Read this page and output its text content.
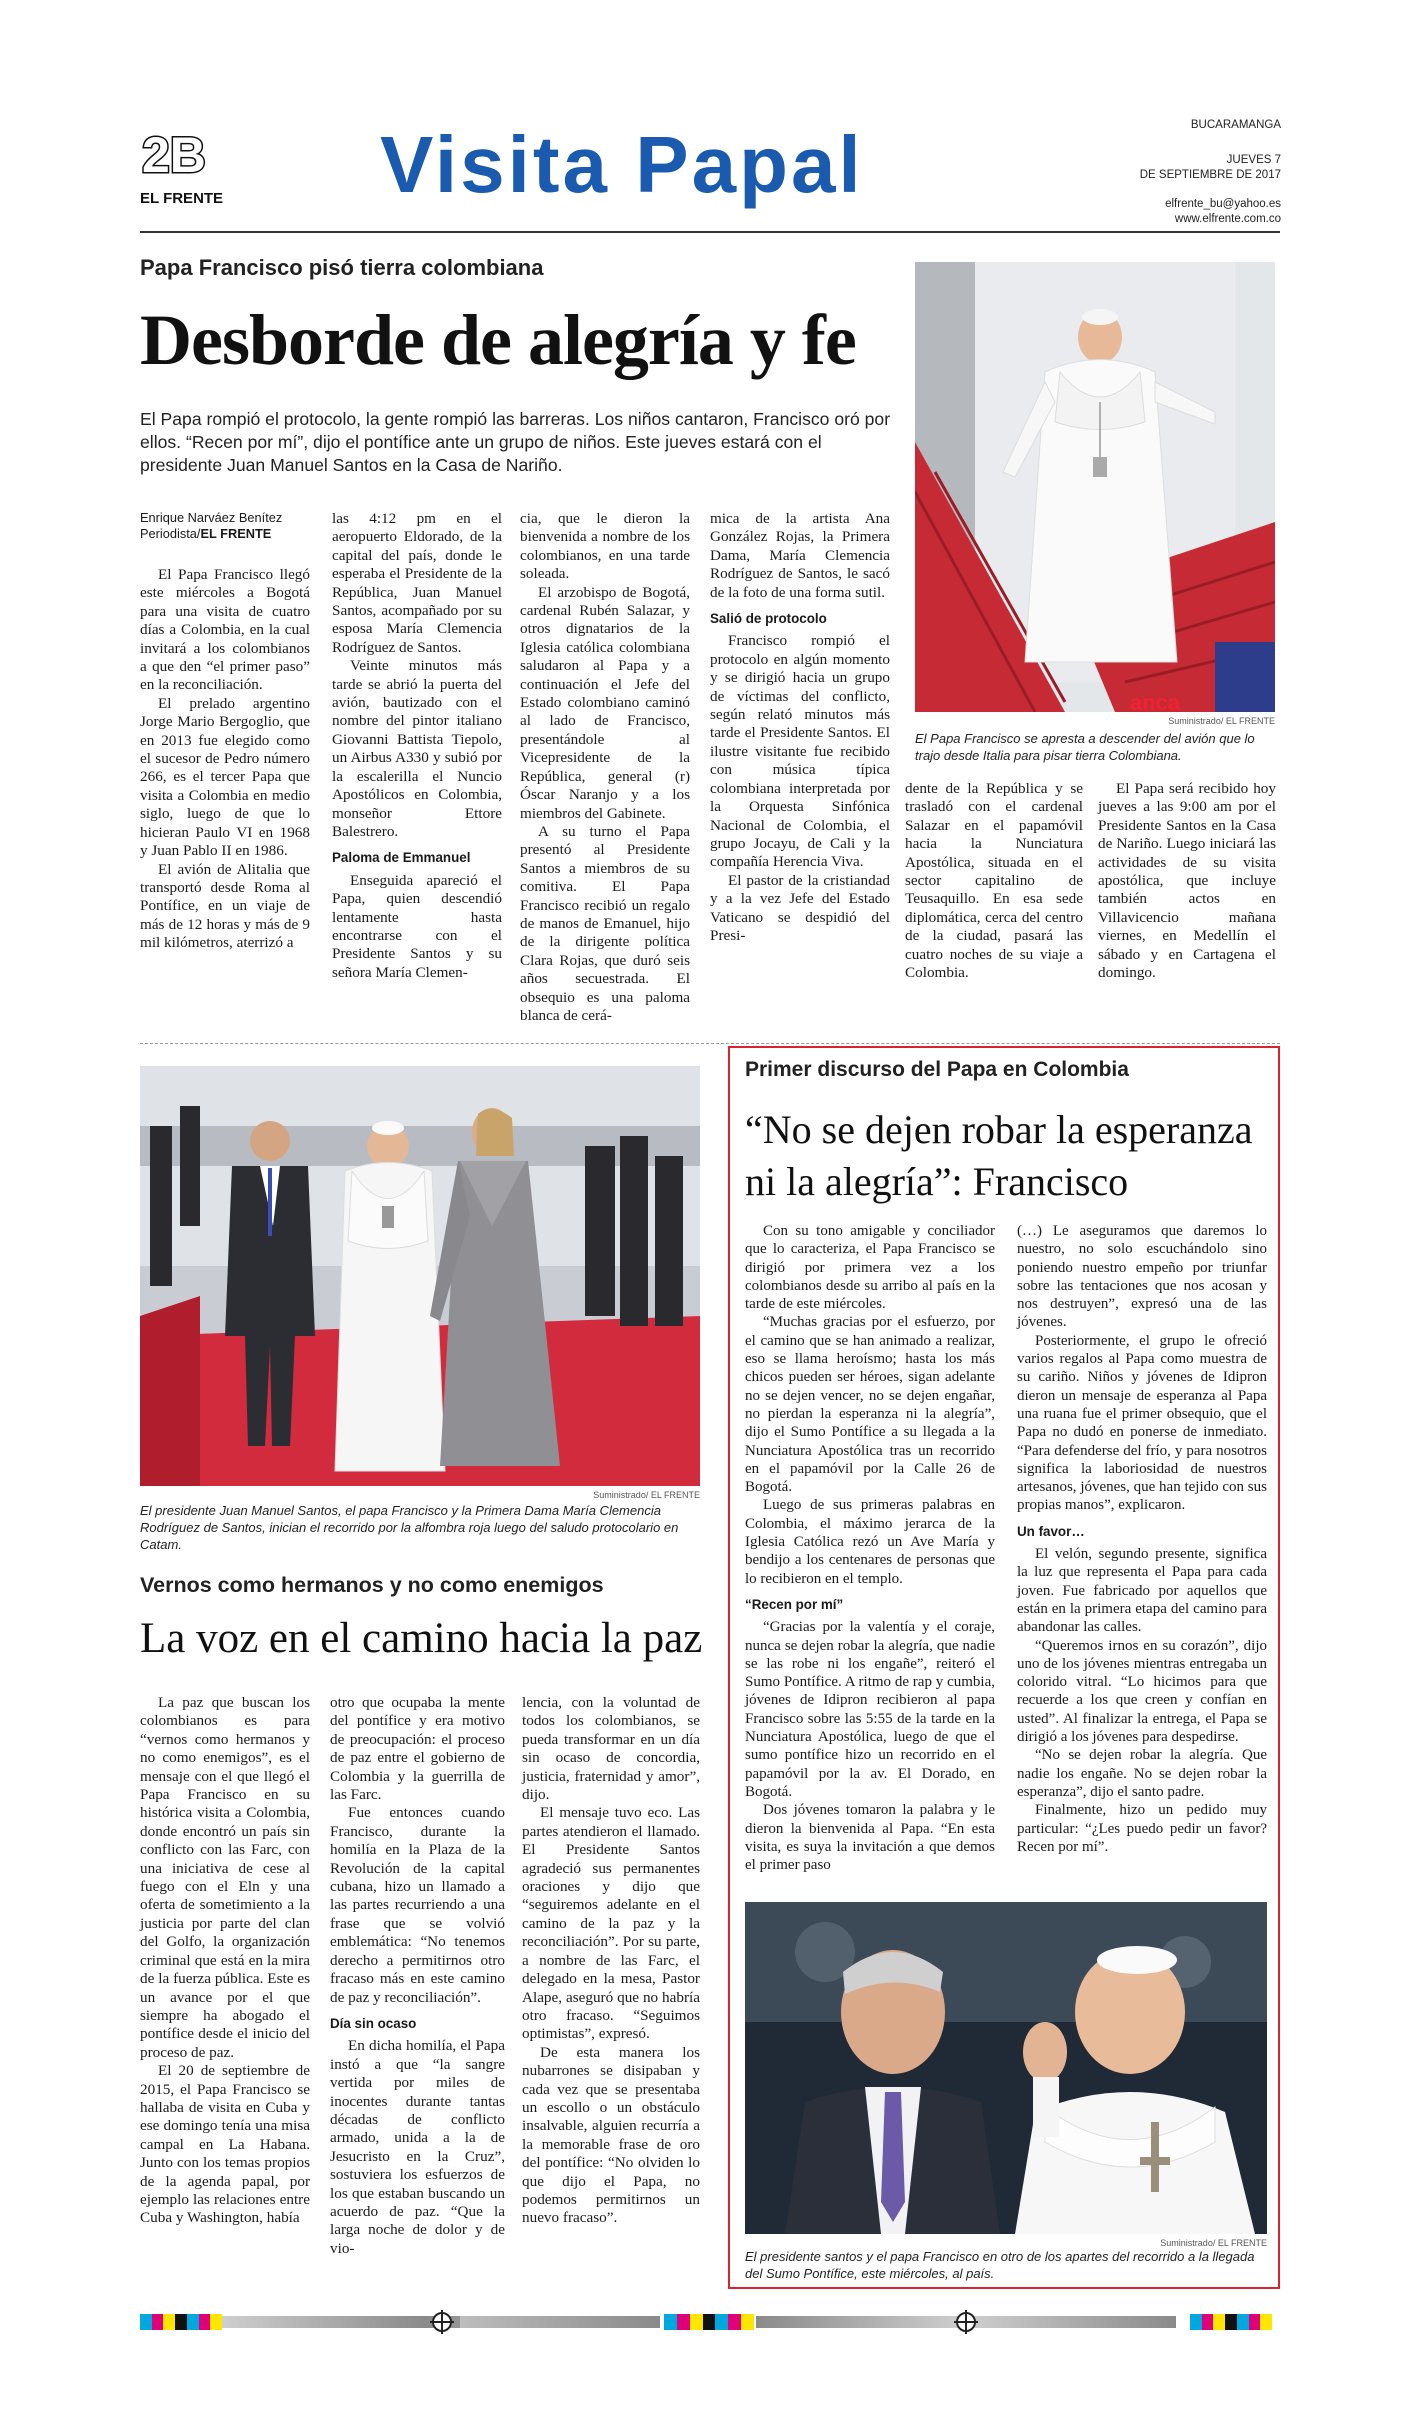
2B
EL FRENTE Visita Papal	BUCARAMANGA
JUEVES 7
DE SEPTIEMBRE DE 2017
elfrente_bu@yahoo.es
www.elfrente.com.co
Papa Francisco pisó tierra colombiana
Desborde de alegría y fe
El Papa rompió el protocolo, la gente rompió las barreras. Los niños cantaron, Francisco oró por ellos. “Recen por mí”, dijo el pontífice ante un grupo de niños. Este jueves estará con el presidente Juan Manuel Santos en la Casa de Nariño.
anca
Suministrado/ EL FRENTE
El Papa Francisco se apresta a descender del avión que lo trajo desde Italia para pisar tierra Colombiana.
Enrique Narváez Benítez
Periodista/EL FRENTE

El Papa Francisco llegó este miércoles a Bogotá para una visita de cuatro días a Colombia, en la cual invitará a los colombianos a que den “el primer paso” en la reconciliación.

El prelado argentino Jorge Mario Bergoglio, que en 2013 fue elegido como el sucesor de Pedro número 266, es el tercer Papa que visita a Colombia en medio siglo, luego de que lo hicieran Paulo VI en 1968 y Juan Pablo II en 1986.

El avión de Alitalia que transportó desde Roma al Pontífice, en un viaje de más de 12 horas y más de 9 mil kilómetros, aterrizó a

las 4:12 pm en el aeropuerto Eldorado, de la capital del país, donde le esperaba el Presidente de la República, Juan Manuel Santos, acompañado por su esposa María Clemencia Rodríguez de Santos.

Veinte minutos más tarde se abrió la puerta del avión, bautizado con el nombre del pintor italiano Giovanni Battista Tiepolo, un Airbus A330 y subió por la escalerilla el Nuncio Apostólicos en Colombia, monseñor Ettore Balestrero.

Paloma de Emmanuel

Enseguida apareció el Papa, quien descendió lentamente hasta encontrarse con el Presidente Santos y su señora María Clemen-

cia, que le dieron la bienvenida a nombre de los colombianos, en una tarde soleada.

El arzobispo de Bogotá, cardenal Rubén Salazar, y otros dignatarios de la Iglesia católica colombiana saludaron al Papa y a continuación el Jefe del Estado colombiano caminó al lado de Francisco, presentándole al Vicepresidente de la República, general (r) Óscar Naranjo y a los miembros del Gabinete.

A su turno el Papa presentó al Presidente Santos a miembros de su comitiva. El Papa Francisco recibió un regalo de manos de Emanuel, hijo de la dirigente política Clara Rojas, que duró seis años secuestrada. El obsequio es una paloma blanca de cerá-

mica de la artista Ana González Rojas, la Primera Dama, María Clemencia Rodríguez de Santos, le sacó de la foto de una forma sutil.

Salió de protocolo

Francisco rompió el protocolo en algún momento y se dirigió hacia un grupo de víctimas del conflicto, según relató minutos más tarde el Presidente Santos. El ilustre visitante fue recibido con música típica colombiana interpretada por la Orquesta Sinfónica Nacional de Colombia, el grupo Jocayu, de Cali y la compañía Herencia Viva.

El pastor de la cristiandad y a la vez Jefe del Estado Vaticano se despidió del Presi-

dente de la República y se trasladó con el cardenal Salazar en el papamóvil hacia la Nunciatura Apostólica, situada en el sector capitalino de Teusaquillo. En esa sede diplomática, cerca del centro de la ciudad, pasará las cuatro noches de su viaje a Colombia.

El Papa será recibido hoy jueves a las 9:00 am por el Presidente Santos en la Casa de Nariño. Luego iniciará las actividades de su visita apostólica, que incluye también actos en Villavicencio mañana viernes, en Medellín el sábado y en Cartagena el domingo.

Suministrado/ EL FRENTE
El presidente Juan Manuel Santos, el papa Francisco y la Primera Dama María Clemencia Rodríguez de Santos, inician el recorrido por la alfombra roja luego del saludo protocolario en Catam.
Vernos como hermanos y no como enemigos
La voz en el camino hacia la paz

La paz que buscan los colombianos es para “vernos como hermanos y no como enemigos”, es el mensaje con el que llegó el Papa Francisco en su histórica visita a Colombia, donde encontró un país sin conflicto con las Farc, con una iniciativa de cese al fuego con el Eln y una oferta de sometimiento a la justicia por parte del clan del Golfo, la organización criminal que está en la mira de la fuerza pública. Este es un avance por el que siempre ha abogado el pontífice desde el inicio del proceso de paz.

El 20 de septiembre de 2015, el Papa Francisco se hallaba de visita en Cuba y ese domingo tenía una misa campal en La Habana. Junto con los temas propios de la agenda papal, por ejemplo las relaciones entre Cuba y Washington, había

otro que ocupaba la mente del pontífice y era motivo de preocupación: el proceso de paz entre el gobierno de Colombia y la guerrilla de las Farc.

Fue entonces cuando Francisco, durante la homilía en la Plaza de la Revolución de la capital cubana, hizo un llamado a las partes recurriendo a una frase que se volvió emblemática: “No tenemos derecho a permitirnos otro fracaso más en este camino de paz y reconciliación”.

Día sin ocaso

En dicha homilía, el Papa instó a que “la sangre vertida por miles de inocentes durante tantas décadas de conflicto armado, unida a la de Jesucristo en la Cruz”, sostuviera los esfuerzos de los que estaban buscando un acuerdo de paz. “Que la larga noche de dolor y de vio-

lencia, con la voluntad de todos los colombianos, se pueda transformar en un día sin ocaso de concordia, justicia, fraternidad y amor”, dijo.

El mensaje tuvo eco. Las partes atendieron el llamado. El Presidente Santos agradeció sus permanentes oraciones y dijo que “seguiremos adelante en el camino de la paz y la reconciliación”. Por su parte, a nombre de las Farc, el delegado en la mesa, Pastor Alape, aseguró que no habría otro fracaso. “Seguimos optimistas”, expresó.

De esta manera los nubarrones se disipaban y cada vez que se presentaba un escollo o un obstáculo insalvable, alguien recurría a la memorable frase de oro del pontífice: “No olviden lo que dijo el Papa, no podemos permitirnos un nuevo fracaso”.

Primer discurso del Papa en Colombia
“No se dejen robar la esperanza
ni la alegría”: Francisco

Con su tono amigable y conciliador que lo caracteriza, el Papa Francisco se dirigió por primera vez a los colombianos desde su arribo al país en la tarde de este miércoles.

“Muchas gracias por el esfuerzo, por el camino que se han animado a realizar, eso se llama heroísmo; hasta los más chicos pueden ser héroes, sigan adelante no se dejen vencer, no se dejen engañar, no pierdan la esperanza ni la alegría”, dijo el Sumo Pontífice a su llegada a la Nunciatura Apostólica tras un recorrido en el papamóvil por la Calle 26 de Bogotá.

Luego de sus primeras palabras en Colombia, el máximo jerarca de la Iglesia Católica rezó un Ave María y bendijo a los centenares de personas que lo recibieron en el templo.

“Recen por mí”

“Gracias por la valentía y el coraje, nunca se dejen robar la alegría, que nadie se las robe ni los engañe”, reiteró el Sumo Pontífice. A ritmo de rap y cumbia, jóvenes de Idipron recibieron al papa Francisco sobre las 5:55 de la tarde en la Nunciatura Apostólica, luego de que el sumo pontífice hizo un recorrido en el papamóvil por la av. El Dorado, en Bogotá.

Dos jóvenes tomaron la palabra y le dieron la bienvenida al Papa. “En esta visita, es suya la invitación a que demos el primer paso

(…) Le aseguramos que daremos lo nuestro, no solo escuchándolo sino poniendo nuestro empeño por triunfar sobre las tentaciones que nos acosan y nos destruyen”, expresó una de las jóvenes.

Posteriormente, el grupo le ofreció varios regalos al Papa como muestra de su cariño. Niños y jóvenes de Idipron dieron un mensaje de esperanza al Papa una ruana fue el primer obsequio, que el Papa no dudó en ponerse de inmediato. “Para defenderse del frío, y para nosotros significa la laboriosidad de nuestros artesanos, jóvenes, que han tejido con sus propias manos”, explicaron.

Un favor…

El velón, segundo presente, significa la luz que representa el Papa para cada joven. Fue fabricado por aquellos que están en la primera etapa del camino para abandonar las calles.

“Queremos irnos en su corazón”, dijo uno de los jóvenes mientras entregaba un colorido vitral. “Lo hicimos para que recuerde a los que creen y confían en usted”. Al finalizar la entrega, el Papa se dirigió a los jóvenes para despedirse.

“No se dejen robar la alegría. Que nadie los engañe. No se dejen robar la esperanza”, dijo el santo padre.

Finalmente, hizo un pedido muy particular: “¿Les puedo pedir un favor? Recen por mí”.

Suministrado/ EL FRENTE
El presidente santos y el papa Francisco en otro de los apartes del recorrido a la llegada del Sumo Pontífice, este miércoles, al país.
